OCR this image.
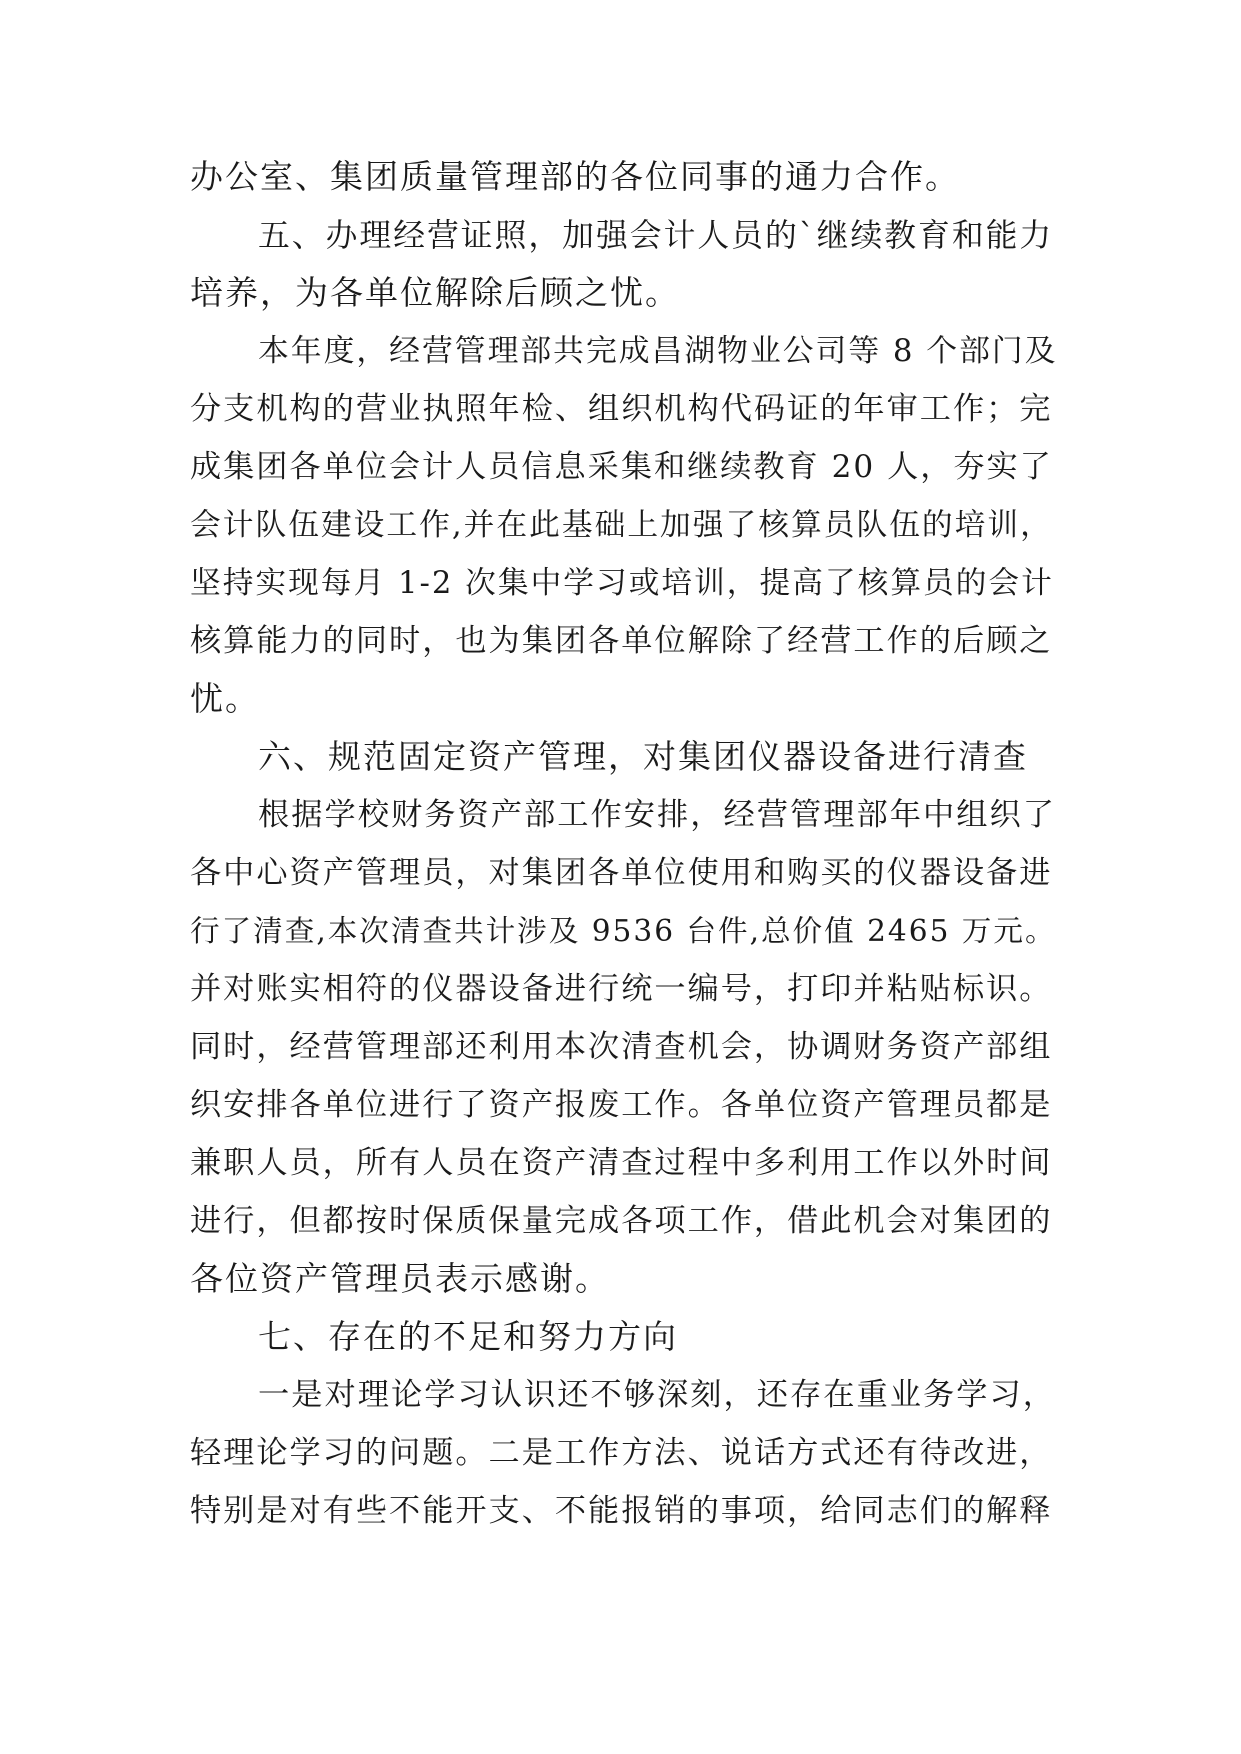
办公室、集团质量管理部的各位同事的通力合作。
五、办理经营证照，加强会计人员的`继续教育和能力
培养，为各单位解除后顾之忧。
本年度，经营管理部共完成昌湖物业公司等 8 个部门及
分支机构的营业执照年检、组织机构代码证的年审工作；完
成集团各单位会计人员信息采集和继续教育 20 人，夯实了
会计队伍建设工作,并在此基础上加强了核算员队伍的培训，
坚持实现每月 1-2 次集中学习或培训，提高了核算员的会计
核算能力的同时，也为集团各单位解除了经营工作的后顾之
忧。
六、规范固定资产管理，对集团仪器设备进行清查
根据学校财务资产部工作安排，经营管理部年中组织了
各中心资产管理员，对集团各单位使用和购买的仪器设备进
行了清查,本次清查共计涉及 9536 台件,总价值 2465 万元。
并对账实相符的仪器设备进行统一编号，打印并粘贴标识。
同时，经营管理部还利用本次清查机会，协调财务资产部组
织安排各单位进行了资产报废工作。各单位资产管理员都是
兼职人员，所有人员在资产清查过程中多利用工作以外时间
进行，但都按时保质保量完成各项工作，借此机会对集团的
各位资产管理员表示感谢。
七、存在的不足和努力方向
一是对理论学习认识还不够深刻，还存在重业务学习，
轻理论学习的问题。二是工作方法、说话方式还有待改进，
特别是对有些不能开支、不能报销的事项，给同志们的解释
